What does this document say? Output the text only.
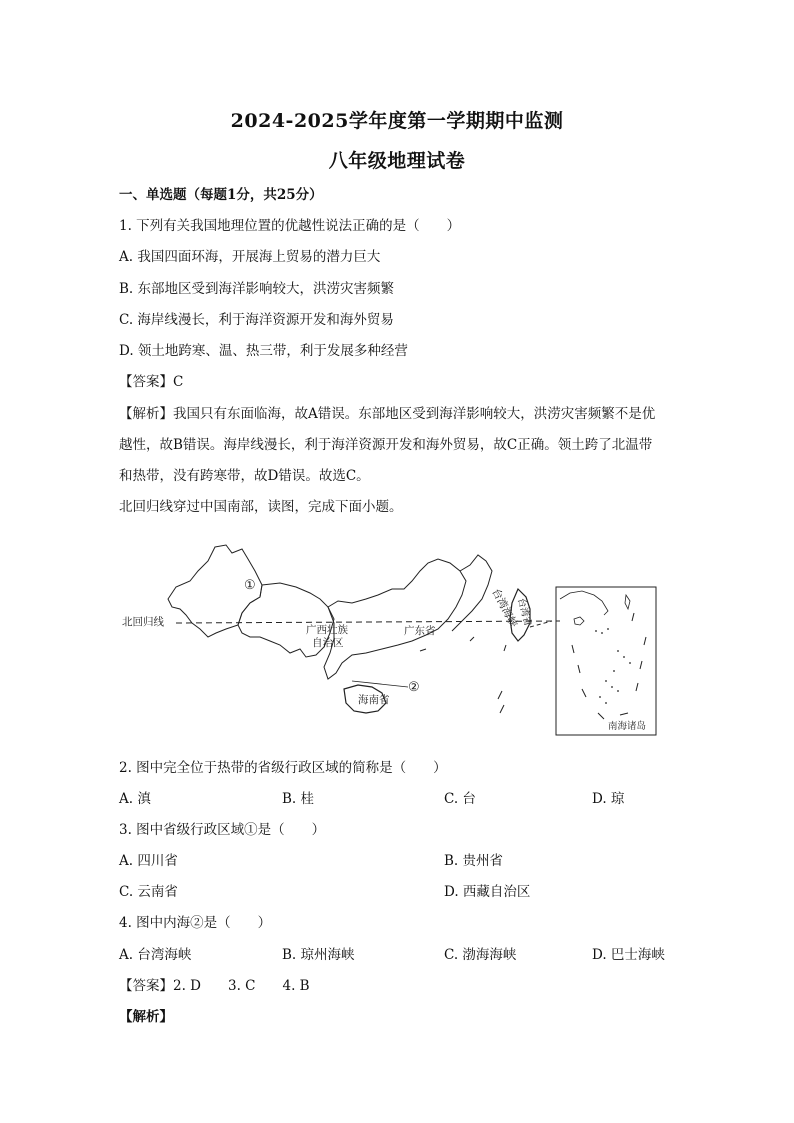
2024-2025学年度第一学期期中监测
八年级地理试卷
一、单选题（每题1分，共25分）
1. 下列有关我国地理位置的优越性说法正确的是（　　）
A. 我国四面环海，开展海上贸易的潜力巨大
B. 东部地区受到海洋影响较大，洪涝灾害频繁
C. 海岸线漫长，利于海洋资源开发和海外贸易
D. 领土地跨寒、温、热三带，利于发展多种经营
【答案】C
【解析】我国只有东面临海，故A错误。东部地区受到海洋影响较大，洪涝灾害频繁不是优
越性，故B错误。海岸线漫长，利于海洋资源开发和海外贸易，故C正确。领土跨了北温带
和热带，没有跨寒带，故D错误。故选C。
北回归线穿过中国南部，读图，完成下面小题。
北回归线
①
广西壮族
自治区
广东省
海南省
②
台湾海峡
台湾省
南海诸岛
2. 图中完全位于热带的省级行政区域的简称是（　　）
A. 滇	B. 桂	C. 台	D. 琼
3. 图中省级行政区域①是（　　）
A. 四川省	B. 贵州省
C. 云南省	D. 西藏自治区
4. 图中内海②是（　　）
A. 台湾海峡	B. 琼州海峡	C. 渤海海峡	D. 巴士海峡
【答案】2. D　　3. C　　4. B
【解析】
